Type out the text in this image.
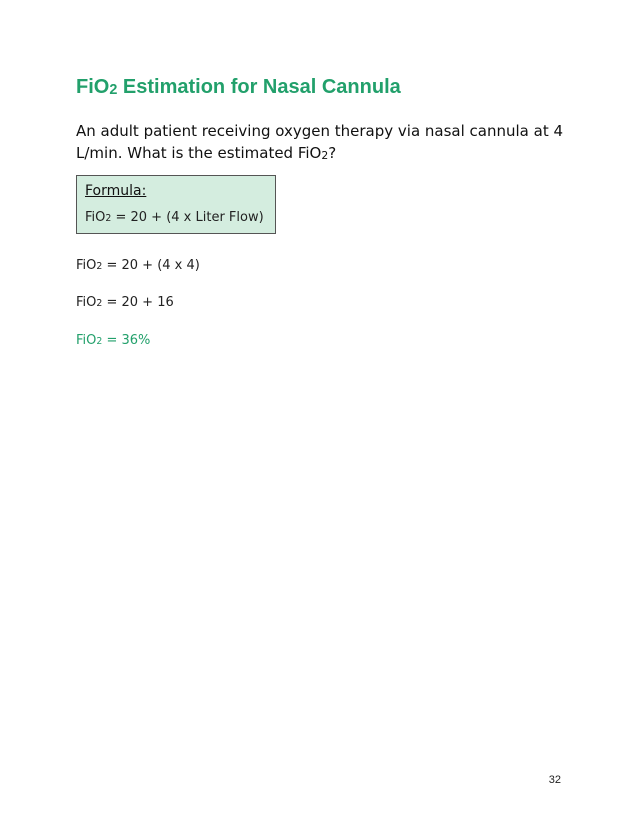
FiO$_2$ Estimation for Nasal Cannula

An adult patient receiving oxygen therapy via nasal cannula at 4 L/min. What is the estimated FiO$_2$?

Formula:
FiO$_2$ = 20 + (4 x Liter Flow)

FiO$_2$ = 20 + (4 x 4)

FiO$_2$ = 20 + 16

FiO$_2$ = 36%

32
